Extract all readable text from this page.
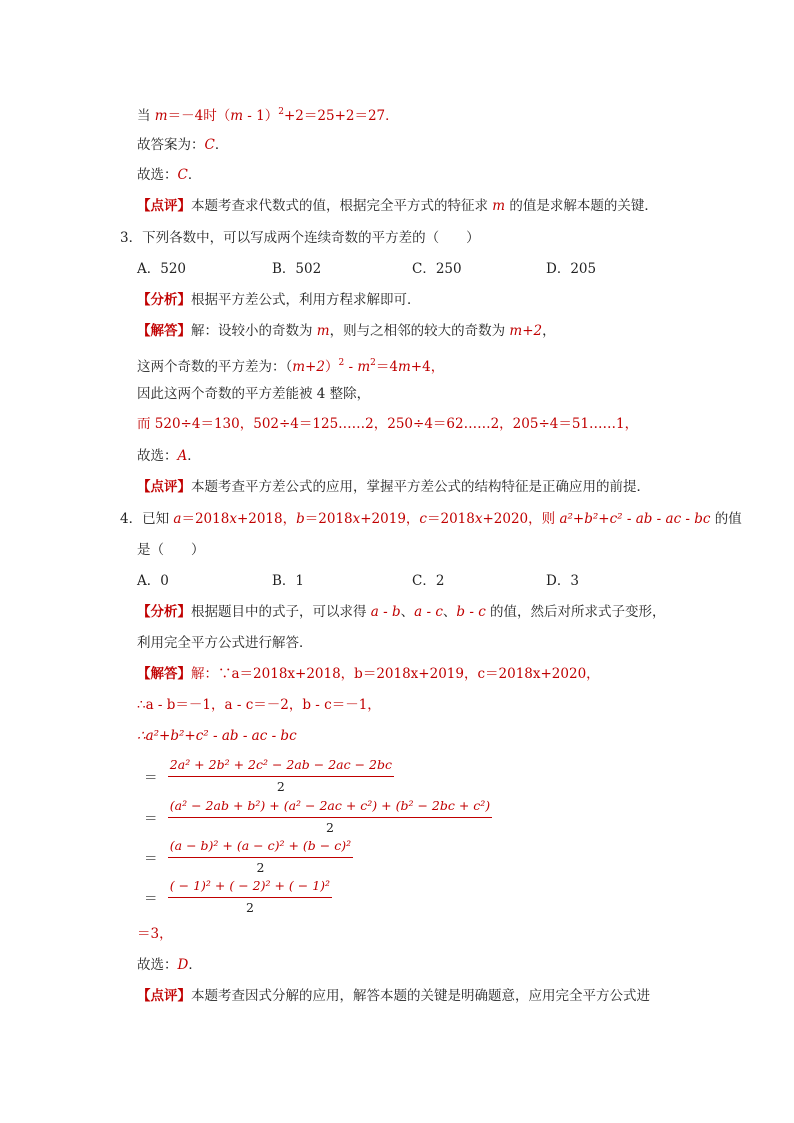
当 m＝－4时（m - 1）$^2$+2＝25+2＝27．
故答案为：C．
故选：C．
【点评】本题考查求代数式的值，根据完全平方式的特征求 m 的值是求解本题的关键．
3．下列各数中，可以写成两个连续奇数的平方差的（　　）
A．520	B．502	C．250	D．205
【分析】根据平方差公式，利用方程求解即可．
【解答】解：设较小的奇数为 m，则与之相邻的较大的奇数为 m+2，
这两个奇数的平方差为：$(m+2)^2 - m^2=4m+4$，
因此这两个奇数的平方差能被 4 整除，
而 520÷4＝130，502÷4＝125……2，250÷4＝62……2，205÷4＝51……1，
故选：A．
【点评】本题考查平方差公式的应用，掌握平方差公式的结构特征是正确应用的前提．
4．已知 a＝2018x+2018，b＝2018x+2019，c＝2018x+2020，则 a²+b²+c² - ab - ac - bc 的值
是（　　）
A．0	B．1	C．2	D．3
【分析】根据题目中的式子，可以求得 a - b、a - c、b - c 的值，然后对所求式子变形，
利用完全平方公式进行解答．
【解答】解：∵a＝2018x+2018，b＝2018x+2019，c＝2018x+2020，
∴a - b＝－1，a - c＝－2，b - c＝－1，
∴a²+b²+c² - ab - ac - bc
＝ $\frac{\text{2a² + 2b² + 2c² − 2ab − 2ac − 2bc}}{2}$
＝ $\frac{\text{(a² − 2ab + b²) + (a² − 2ac + c²) + (b² − 2bc + c²)}}{2}$
＝ $\frac{\text{(a − b)² + (a − c)² + (b − c)²}}{2}$
＝ $\frac{\text{( − 1)² + ( − 2)² + ( − 1)²}}{2}$
＝3，
故选：D．
【点评】本题考查因式分解的应用，解答本题的关键是明确题意，应用完全平方公式进
